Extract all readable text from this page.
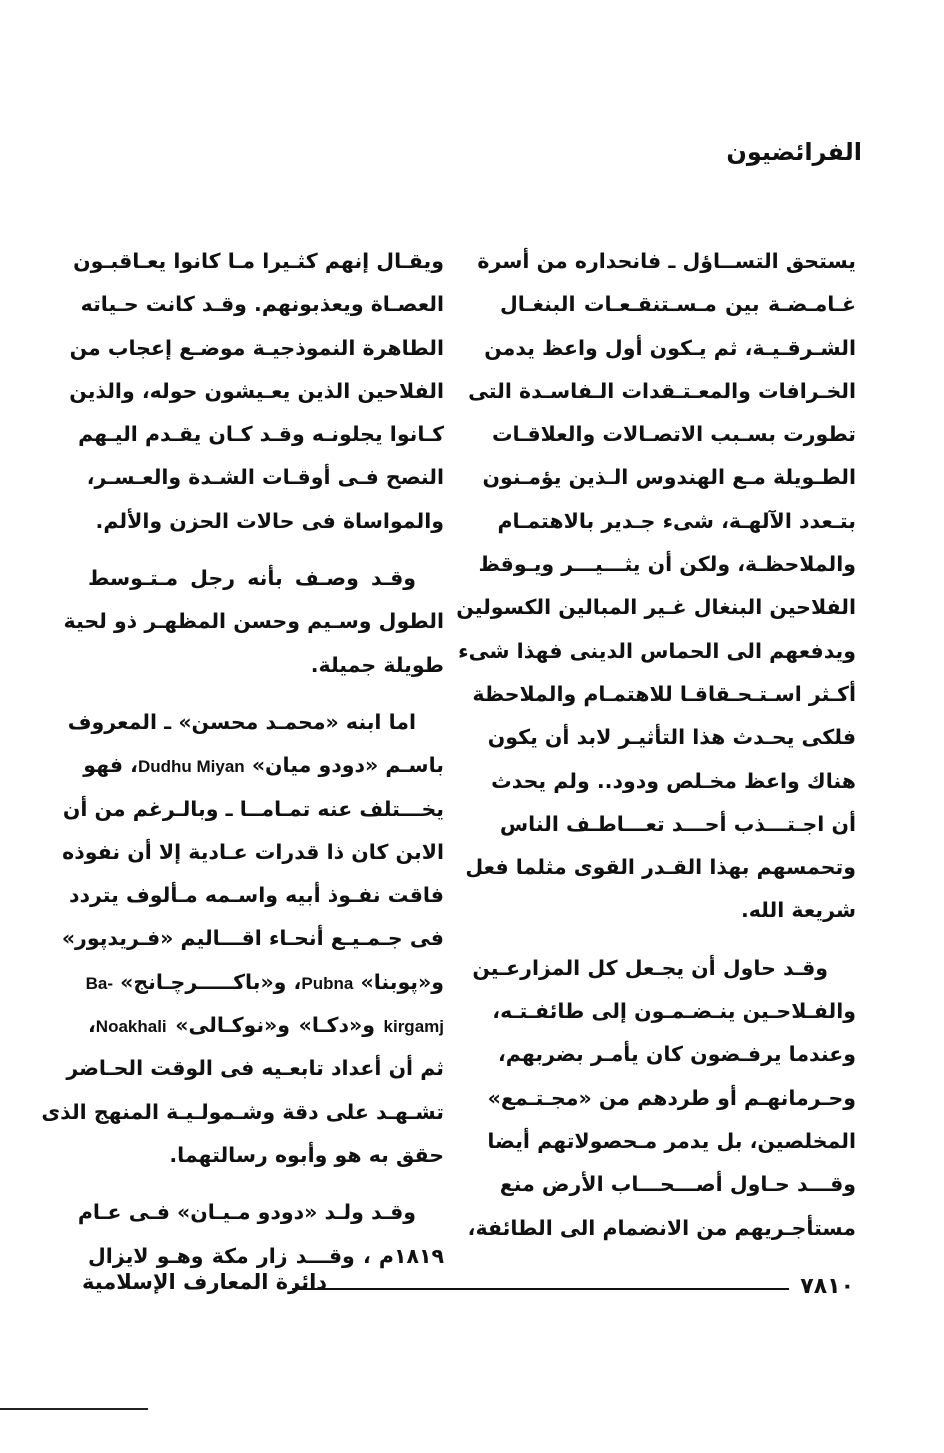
الفرائضيون
يستحق التســاؤل ـ فانحداره من أسرة
غـامـضـة بين مـسـتنقـعـات البنغـال
الشـرقـيـة، ثم يـكون أول واعظ يدمن
الخـرافات والمعـتـقدات الـفاسـدة التى
تطورت بسـبب الاتصـالات والعلاقـات
الطـويلة مـع الهندوس الـذين يؤمـنون
بتـعدد الآلهـة، شىء جـدير بالاهتمـام
والملاحظـة، ولكن أن يثـــيـــر ويـوقظ
الفلاحين البنغال غـير المبالين الكسولين
ويدفعهم الى الحماس الدينى فهذا شىء
أكـثر اسـتـحـقاقـا للاهتمـام والملاحظة
فلكى يحـدث هذا التأثيـر لابد أن يكون
هناك واعظ مخـلص ودود.. ولم يحدث
أن اجـتـــذب أحـــد تعـــاطـف الناس
وتحمسهم بهذا القـدر القوى مثلما فعل
شريعة الله.
وقـد حاول أن يجـعل كل المزارعـين
والفـلاحـين ينـضـمـون إلى طائفـتـه،
وعندما يرفـضون كان يأمـر بضربهم،
وحـرمانهـم أو طردهم من «مجـتـمع»
المخلصين، بل يدمر مـحصولاتهم أيضا
وقـــد حـاول أصـــحـــاب الأرض منع
مستأجـريهم من الانضمام الى الطائفة،
ويقـال إنهم كثـيرا مـا كانوا يعـاقبـون
العصـاة ويعذبونهم. وقـد كانت حـياته
الطاهرة النموذجيـة موضـع إعجاب من
الفلاحين الذين يعـيشون حوله، والذين
كـانوا يجلونـه وقـد كـان يقـدم اليـهم
النصح فـى أوقـات الشـدة والعـسـر،
والمواساة فى حالات الحزن والألم.
وقـد وصـف بأنه رجل مـتـوسط
الطول وسـيم وحسن المظهـر ذو لحية
طويلة جميلة.
اما ابنه «محمـد محسن» ـ المعروف
باسـم «دودو ميان» Dudhu Miyan، فهو
يخـــتلف عنه تمـامــا ـ وبالـرغم من أن
الابن كان ذا قدرات عـادية إلا أن نفوذه
فاقت نفـوذ أبيه واسـمه مـألوف يتردد
فى جـمـيـع أنحـاء اقـــاليم «فـريدپور»
و«پوبنا» Pubna، و«باكـــــرچـانج» Ba-
kirgamj و«دكـا» و«نوكـالى» Noakhali،
ثم أن أعداد تابعـيه فى الوقت الحـاضر
تشـهـد على دقة وشـمولـيـة المنهج الذى
حقق به هو وأبوه رسالتهما.
وقـد ولـد «دودو مـيـان» فـى عـام
١٨١٩م ، وقـــد زار مكة وهـو لايزال
٧٨١٠
دائرة المعارف الإسلامية
